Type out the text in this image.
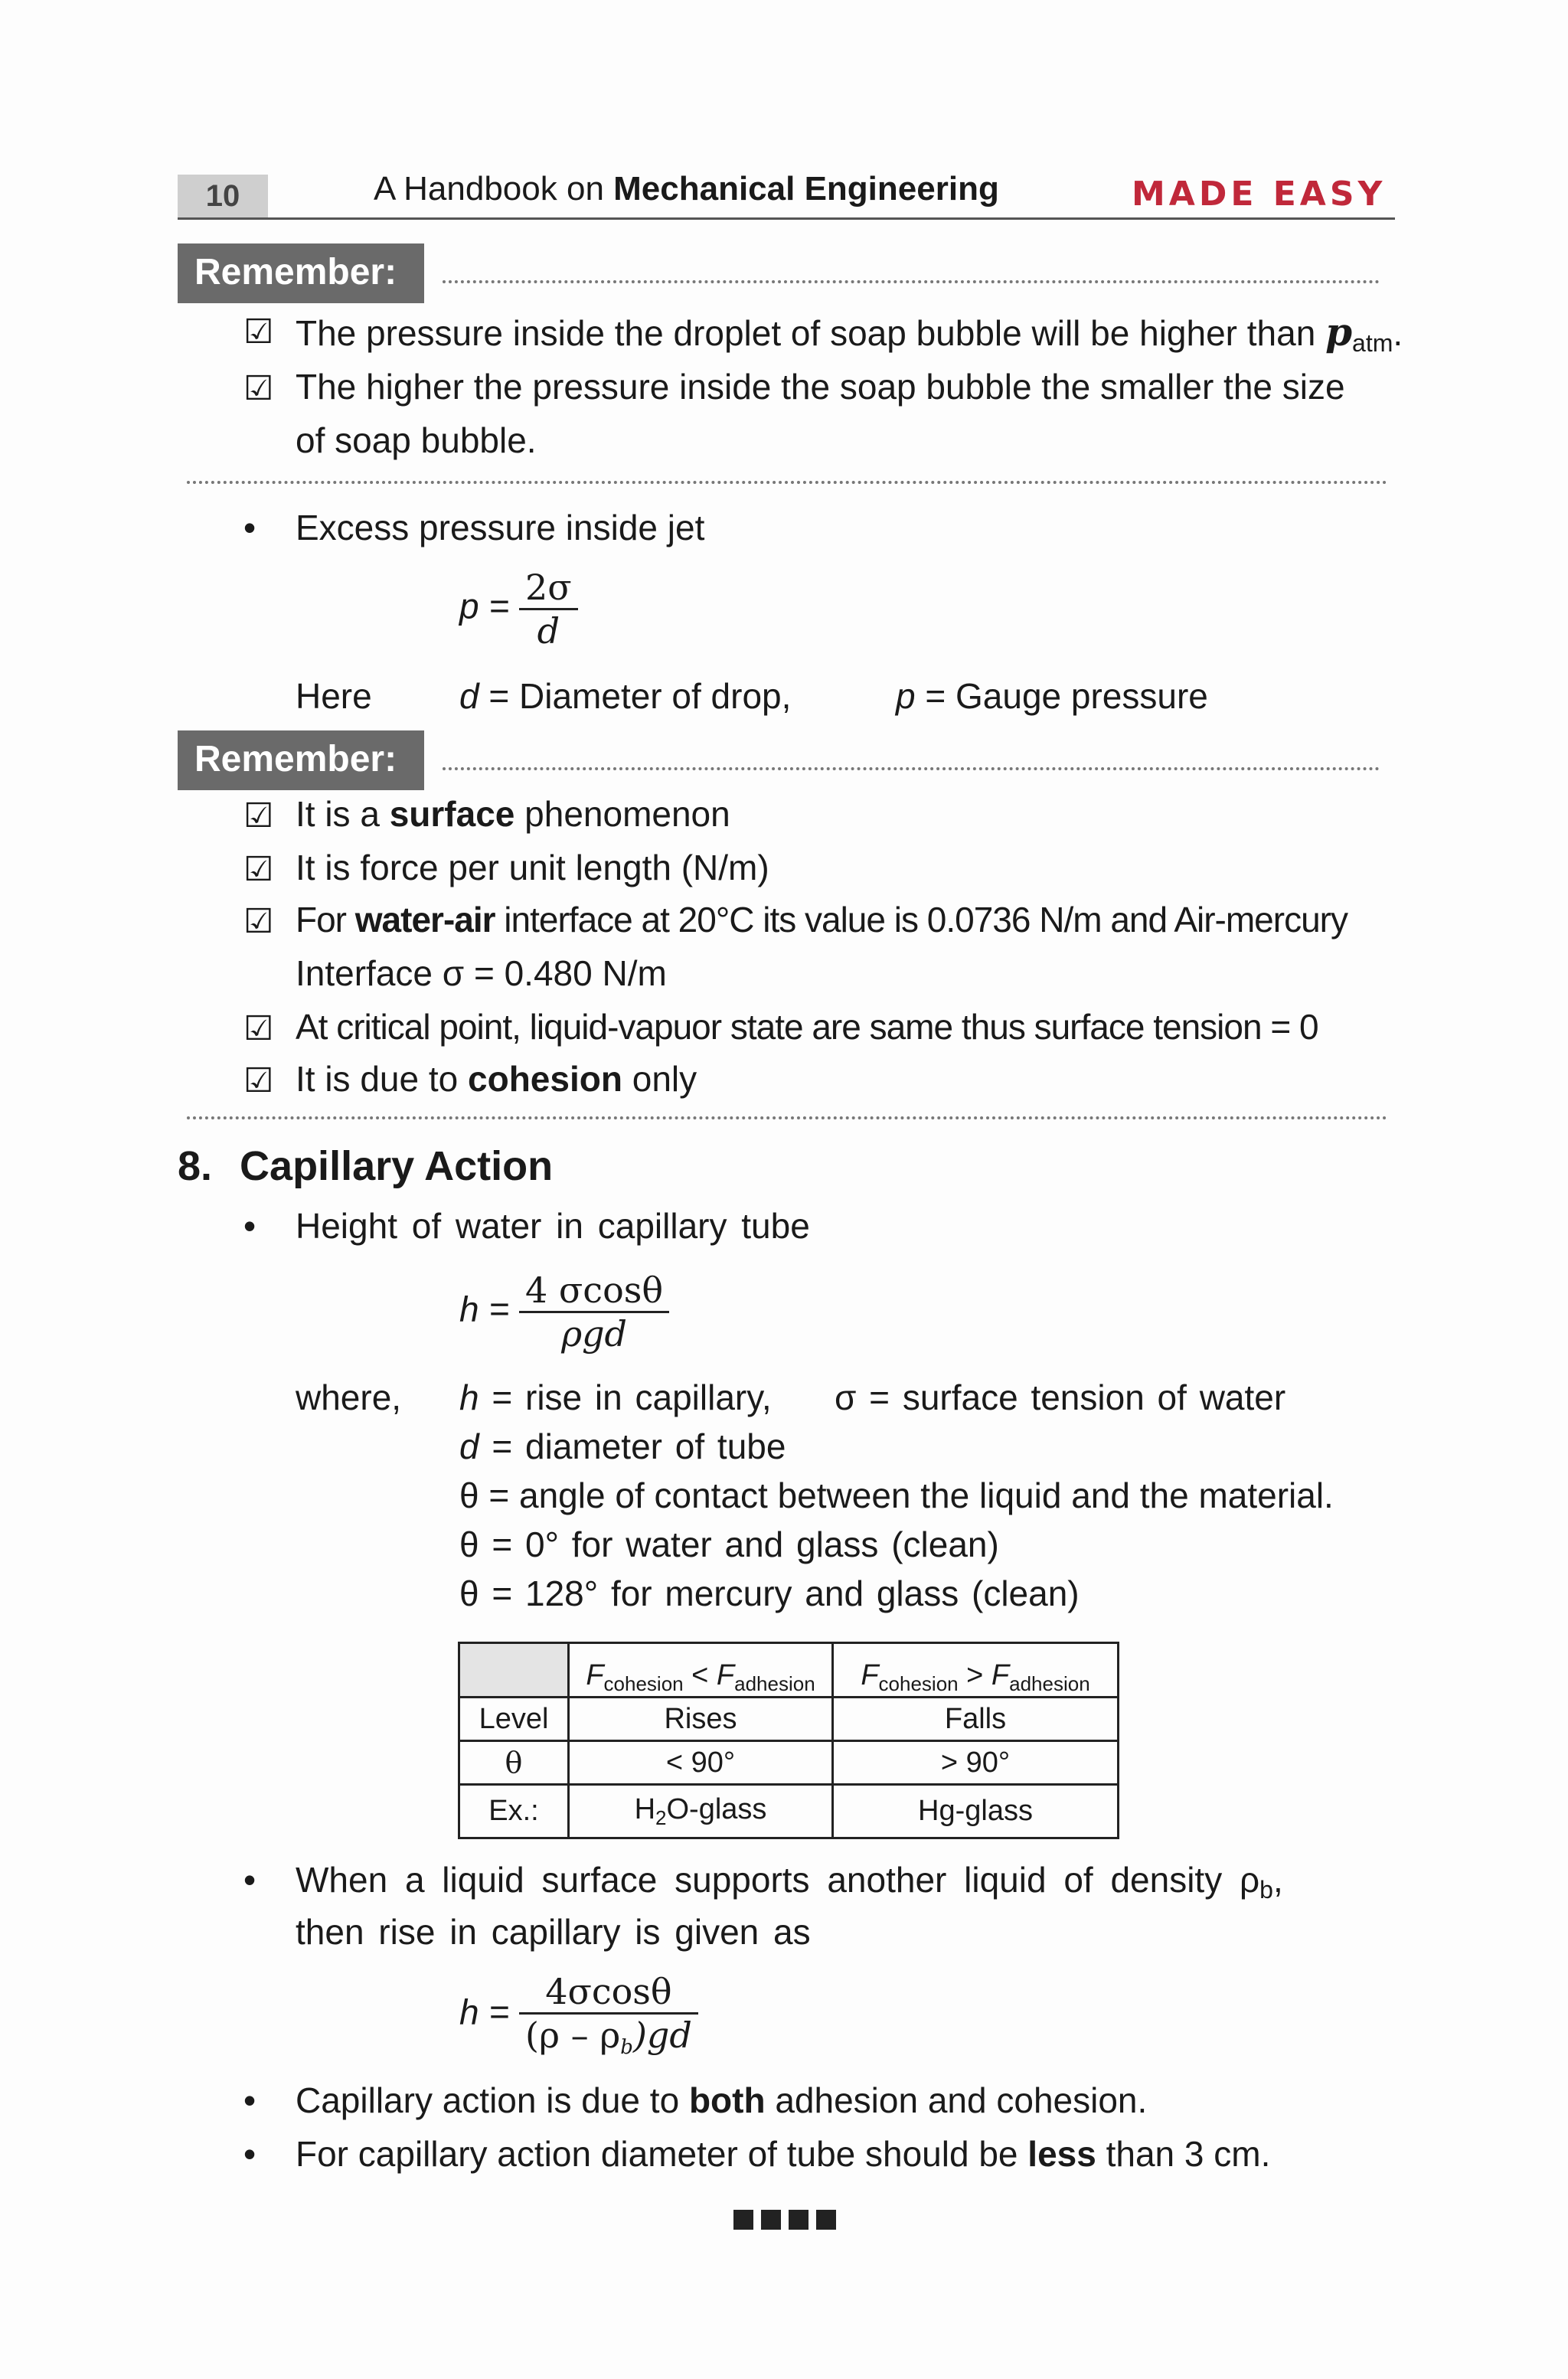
10	A Handbook on Mechanical Engineering	MADE EASY
Remember:
☑ The pressure inside the droplet of soap bubble will be higher than $p_{atm}$.
☑ The higher the pressure inside the soap bubble the smaller the size
of soap bubble.
• Excess pressure inside jet
$p = \frac{2\sigma}{d}$
Here d = Diameter of drop,	p = Gauge pressure
Remember:
☑ It is a surface phenomenon
☑ It is force per unit length (N/m)
☑ For water-air interface at 20°C its value is 0.0736 N/m and Air-mercury
Interface σ = 0.480 N/m
☑ At critical point, liquid-vapuor state are same thus surface tension = 0
☑ It is due to cohesion only
8. Capillary Action
• Height of water in capillary tube
$h = \frac{4 \sigma\cos\theta}{\text{ρgd}}$
where, h = rise in capillary, σ = surface tension of water
d = diameter of tube
θ = angle of contact between the liquid and the material.
θ = 0° for water and glass (clean)
θ = 128° for mercury and glass (clean)
	$F_{cohesion} < F_{adhesion}$	$F_{cohesion} > F_{adhesion}$
Level	Rises	Falls
θ	< 90°	> 90°
Ex.:	$H_2O$-glass	Hg-glass
• When a liquid surface supports another liquid of density $\rho_b$,
then rise in capillary is given as
$h = \frac{4\sigma\cos\theta}{(\rho - \rho_b)gd}$
• Capillary action is due to both adhesion and cohesion.
• For capillary action diameter of tube should be less than 3 cm.
